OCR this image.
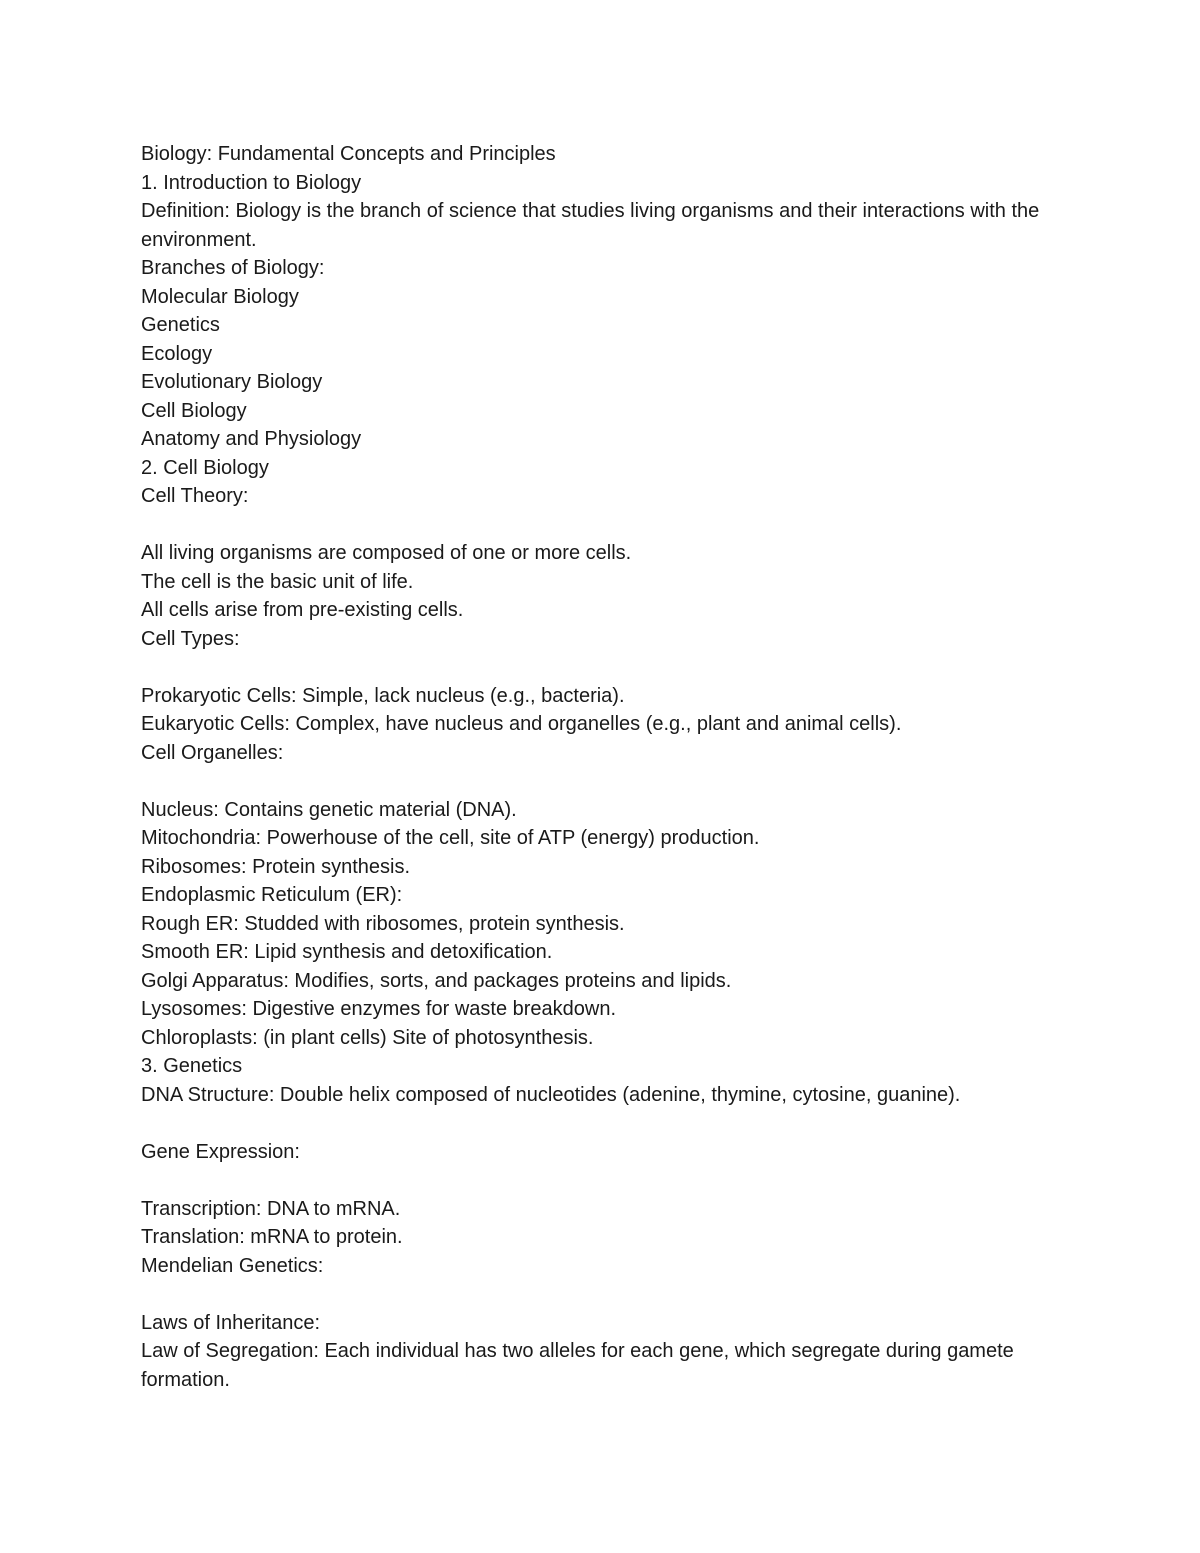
Biology: Fundamental Concepts and Principles
1. Introduction to Biology
Definition: Biology is the branch of science that studies living organisms and their interactions with the environment.
Branches of Biology:
Molecular Biology
Genetics
Ecology
Evolutionary Biology
Cell Biology
Anatomy and Physiology
2. Cell Biology
Cell Theory:
All living organisms are composed of one or more cells.
The cell is the basic unit of life.
All cells arise from pre-existing cells.
Cell Types:
Prokaryotic Cells: Simple, lack nucleus (e.g., bacteria).
Eukaryotic Cells: Complex, have nucleus and organelles (e.g., plant and animal cells).
Cell Organelles:
Nucleus: Contains genetic material (DNA).
Mitochondria: Powerhouse of the cell, site of ATP (energy) production.
Ribosomes: Protein synthesis.
Endoplasmic Reticulum (ER):
Rough ER: Studded with ribosomes, protein synthesis.
Smooth ER: Lipid synthesis and detoxification.
Golgi Apparatus: Modifies, sorts, and packages proteins and lipids.
Lysosomes: Digestive enzymes for waste breakdown.
Chloroplasts: (in plant cells) Site of photosynthesis.
3. Genetics
DNA Structure: Double helix composed of nucleotides (adenine, thymine, cytosine, guanine).
Gene Expression:
Transcription: DNA to mRNA.
Translation: mRNA to protein.
Mendelian Genetics:
Laws of Inheritance:
Law of Segregation: Each individual has two alleles for each gene, which segregate during gamete formation.
